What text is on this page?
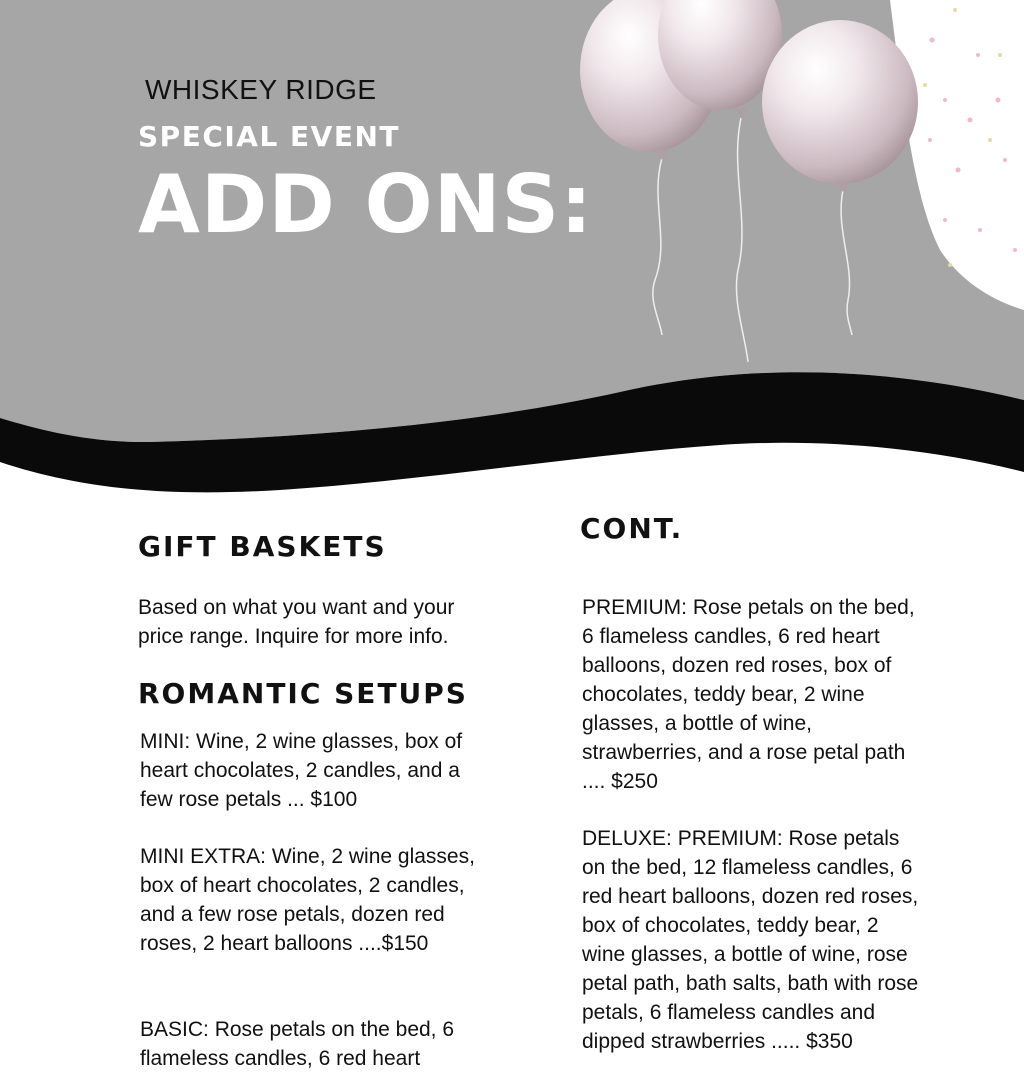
WHISKEY RIDGE
SPECIAL EVENT
ADD ONS:
GIFT BASKETS

Based on what you want and your price range. Inquire for more info.

ROMANTIC SETUPS

MINI: Wine, 2 wine glasses, box of heart chocolates, 2 candles, and a few rose petals ... $100

MINI EXTRA: Wine, 2 wine glasses, box of heart chocolates, 2 candles, and a few rose petals, dozen red roses, 2 heart balloons ....$150

BASIC: Rose petals on the bed, 6 flameless candles, 6 red heart

CONT.

PREMIUM: Rose petals on the bed, 6 flameless candles, 6 red heart balloons, dozen red roses, box of chocolates, teddy bear, 2 wine glasses, a bottle of wine, strawberries, and a rose petal path .... $250

DELUXE: PREMIUM: Rose petals on the bed, 12 flameless candles, 6 red heart balloons, dozen red roses, box of chocolates, teddy bear, 2 wine glasses, a bottle of wine, rose petal path, bath salts, bath with rose petals, 6 flameless candles and dipped strawberries ..... $350
